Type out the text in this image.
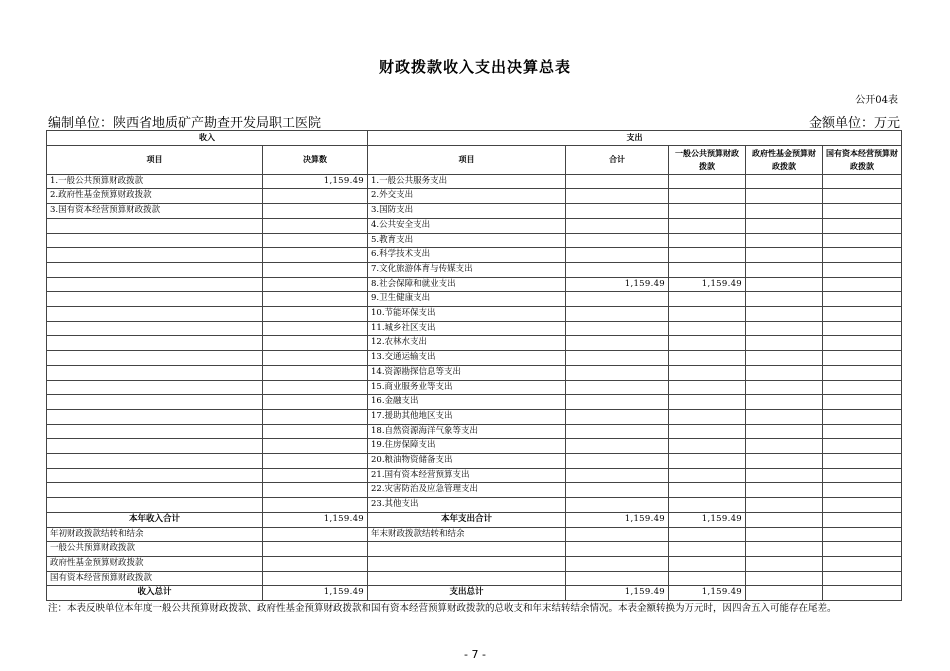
财政拨款收入支出决算总表
公开04表
编制单位：陕西省地质矿产勘查开发局职工医院	金额单位：万元
收入		支出				
项目	决算数	项目	合计	一般公共预算财政拨款	政府性基金预算财政拨款	国有资本经营预算财政拨款
1.一般公共预算财政拨款	1,159.49	1.一般公共服务支出				
2.政府性基金预算财政拨款		2.外交支出				
3.国有资本经营预算财政拨款		3.国防支出				
		4.公共安全支出				
		5.教育支出				
		6.科学技术支出				
		7.文化旅游体育与传媒支出				
		8.社会保障和就业支出	1,159.49	1,159.49		
		9.卫生健康支出				
		10.节能环保支出				
		11.城乡社区支出				
		12.农林水支出				
		13.交通运输支出				
		14.资源勘探信息等支出				
		15.商业服务业等支出				
		16.金融支出				
		17.援助其他地区支出				
		18.自然资源海洋气象等支出				
		19.住房保障支出				
		20.粮油物资储备支出				
		21.国有资本经营预算支出				
		22.灾害防治及应急管理支出				
		23.其他支出				
本年收入合计	1,159.49	本年支出合计	1,159.49	1,159.49		
年初财政拨款结转和结余		年末财政拨款结转和结余				
一般公共预算财政拨款						
政府性基金预算财政拨款						
国有资本经营预算财政拨款						
收入总计	1,159.49	支出总计	1,159.49	1,159.49		
注：本表反映单位本年度一般公共预算财政拨款、政府性基金预算财政拨款和国有资本经营预算财政拨款的总收支和年末结转结余情况。本表金额转换为万元时，因四舍五入可能存在尾差。
- 7 -
